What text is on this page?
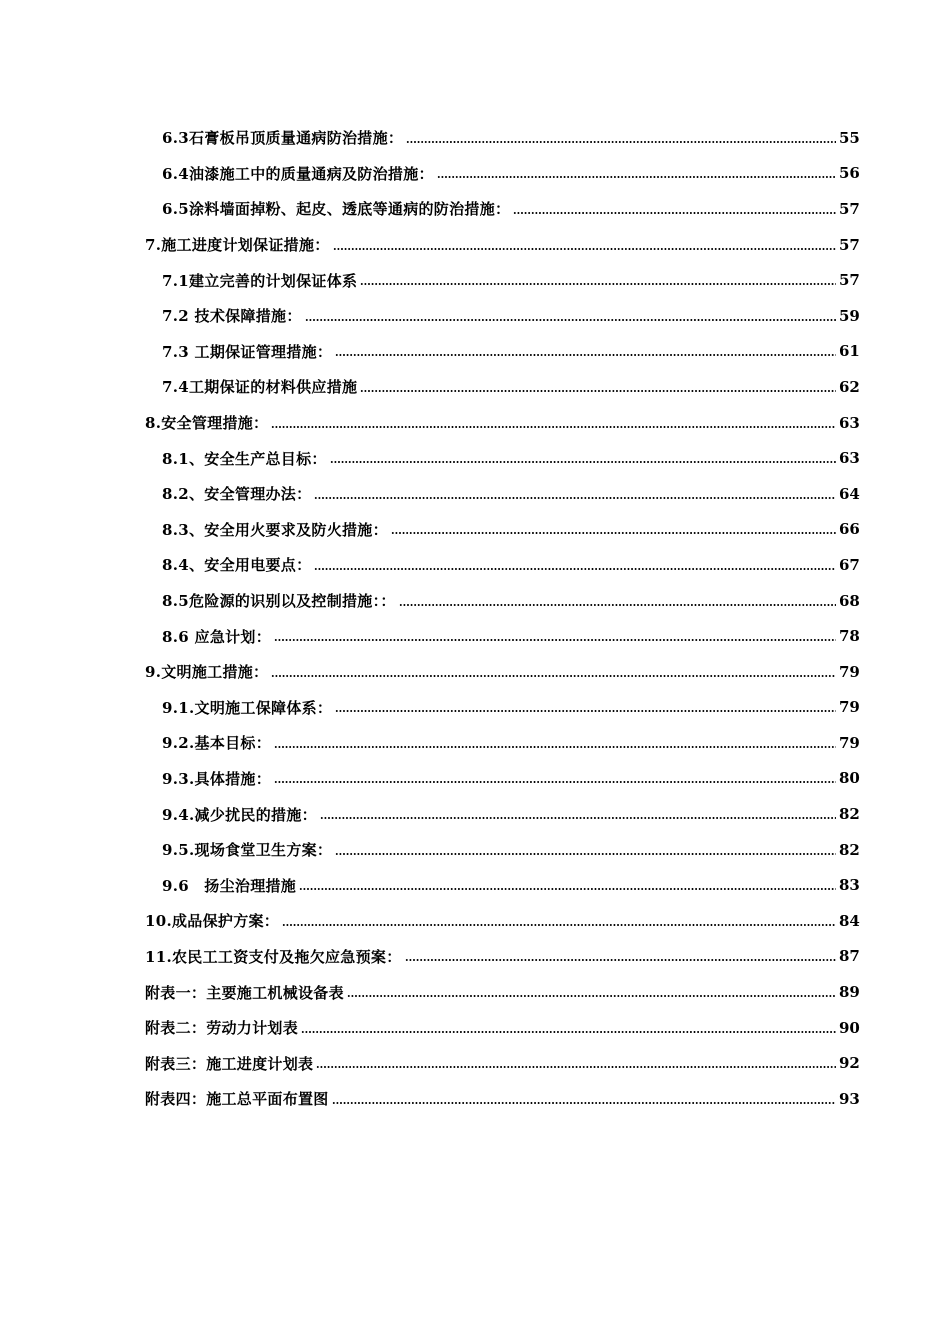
6.3石膏板吊顶质量通病防治措施：	55
6.4油漆施工中的质量通病及防治措施：	56
6.5涂料墙面掉粉、起皮、透底等通病的防治措施：	57
7.施工进度计划保证措施：	57
7.1建立完善的计划保证体系	57
7.2 技术保障措施：	59
7.3 工期保证管理措施：	61
7.4工期保证的材料供应措施	62
8.安全管理措施：	63
8.1、安全生产总目标：	63
8.2、安全管理办法：	64
8.3、安全用火要求及防火措施：	66
8.4、安全用电要点：	67
8.5危险源的识别以及控制措施：：	68
8.6 应急计划：	78
9.文明施工措施：	79
9.1.文明施工保障体系：	79
9.2.基本目标：	79
9.3.具体措施：	80
9.4.减少扰民的措施：	82
9.5.现场食堂卫生方案：	82
9.6　扬尘治理措施	83
10.成品保护方案：	84
11.农民工工资支付及拖欠应急预案：	87
附表一：主要施工机械设备表	89
附表二：劳动力计划表	90
附表三：施工进度计划表	92
附表四：施工总平面布置图	93
